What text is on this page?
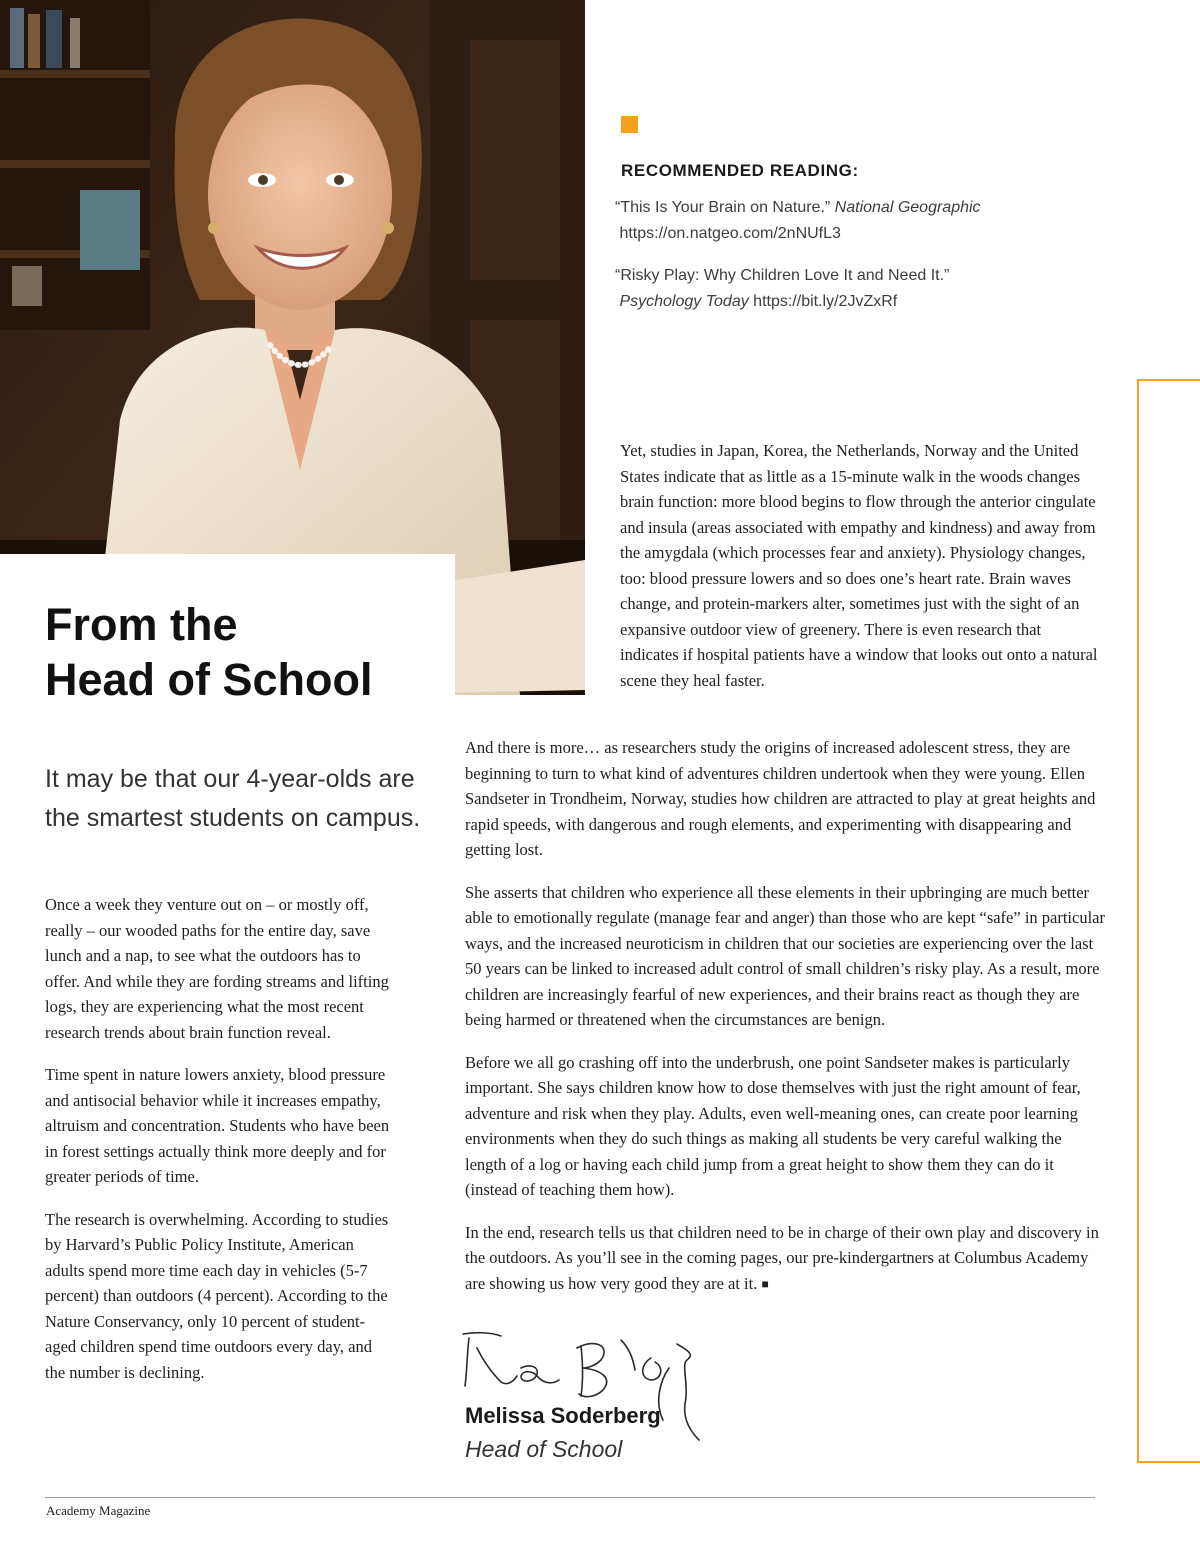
RECOMMENDED READING:
“This Is Your Brain on Nature.” National Geographic
https://on.natgeo.com/2nNUfL3
“Risky Play: Why Children Love It and Need It.”
Psychology Today https://bit.ly/2JvZxRf
From the
Head of School

It may be that our 4-year-olds are the smartest students on campus.

Once a week they venture out on – or mostly off, really – our wooded paths for the entire day, save lunch and a nap, to see what the outdoors has to offer. And while they are fording streams and lifting logs, they are experiencing what the most recent research trends about brain function reveal.

Time spent in nature lowers anxiety, blood pressure and antisocial behavior while it increases empathy, altruism and concentration. Students who have been in forest settings actually think more deeply and for greater periods of time.

The research is overwhelming. According to studies by Harvard’s Public Policy Institute, American adults spend more time each day in vehicles (5-7 percent) than outdoors (4 percent). According to the Nature Conservancy, only 10 percent of student-aged children spend time outdoors every day, and the number is declining.

Yet, studies in Japan, Korea, the Netherlands, Norway and the United States indicate that as little as a 15-minute walk in the woods changes brain function: more blood begins to flow through the anterior cingulate and insula (areas associated with empathy and kindness) and away from the amygdala (which processes fear and anxiety). Physiology changes, too: blood pressure lowers and so does one’s heart rate. Brain waves change, and protein-markers alter, sometimes just with the sight of an expansive outdoor view of greenery. There is even research that indicates if hospital patients have a window that looks out onto a natural scene they heal faster.

And there is more… as researchers study the origins of increased adolescent stress, they are beginning to turn to what kind of adventures children undertook when they were young. Ellen Sandseter in Trondheim, Norway, studies how children are attracted to play at great heights and rapid speeds, with dangerous and rough elements, and experimenting with disappearing and getting lost.

She asserts that children who experience all these elements in their upbringing are much better able to emotionally regulate (manage fear and anger) than those who are kept “safe” in particular ways, and the increased neuroticism in children that our societies are experiencing over the last 50 years can be linked to increased adult control of small children’s risky play. As a result, more children are increasingly fearful of new experiences, and their brains react as though they are being harmed or threatened when the circumstances are benign.

Before we all go crashing off into the underbrush, one point Sandseter makes is particularly important. She says children know how to dose themselves with just the right amount of fear, adventure and risk when they play. Adults, even well-meaning ones, can create poor learning environments when they do such things as making all students be very careful walking the length of a log or having each child jump from a great height to show them they can do it (instead of teaching them how).

In the end, research tells us that children need to be in charge of their own play and discovery in the outdoors. As you’ll see in the coming pages, our pre-kindergartners at Columbus Academy are showing us how very good they are at it. ■

Melissa Soderberg
Head of School
Academy Magazine
